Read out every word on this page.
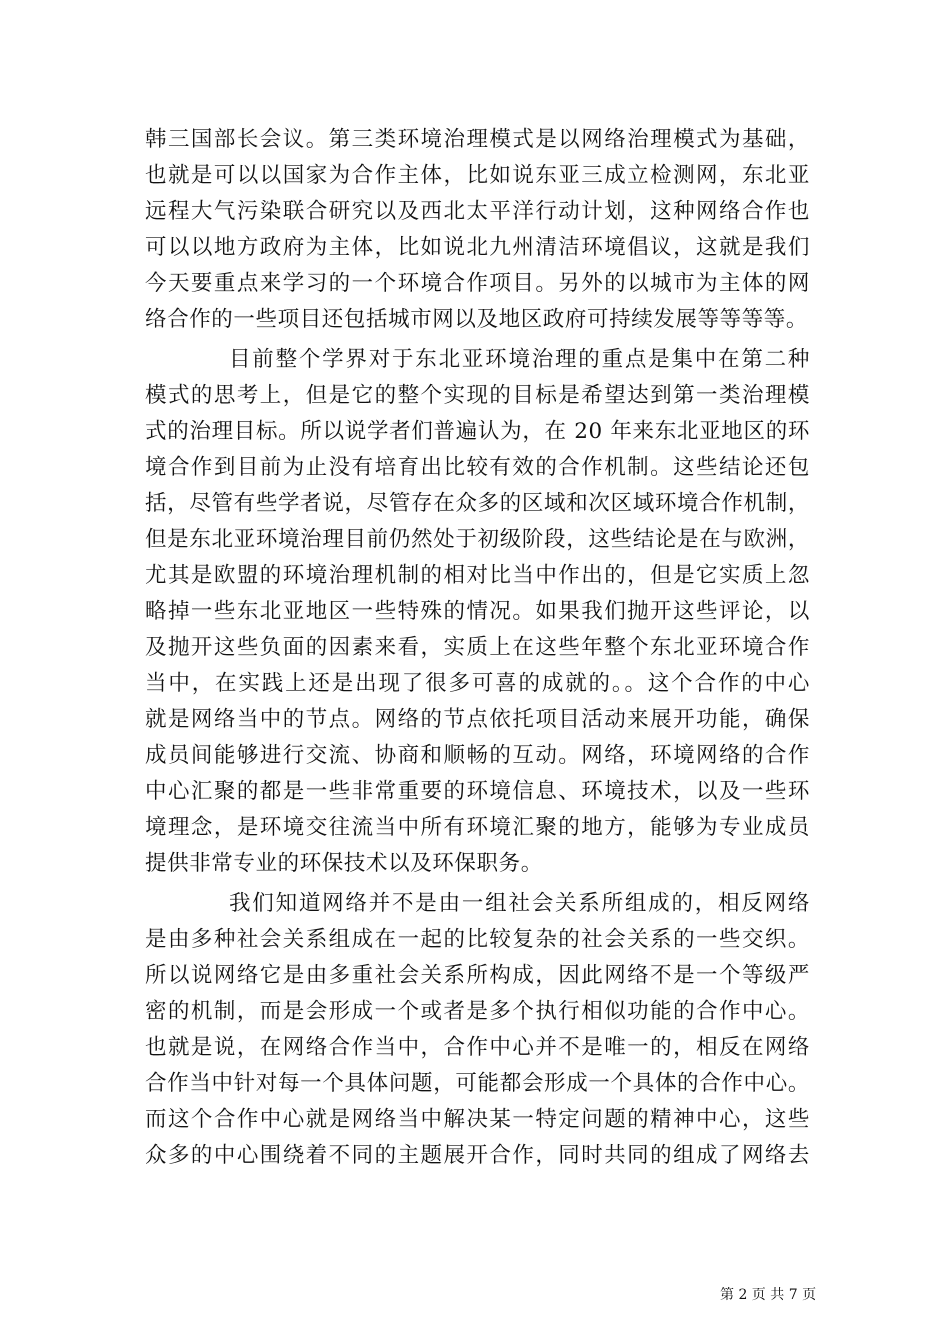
韩三国部长会议。第三类环境治理模式是以网络治理模式为基础，
也就是可以以国家为合作主体，比如说东亚三成立检测网，东北亚
远程大气污染联合研究以及西北太平洋行动计划，这种网络合作也
可以以地方政府为主体，比如说北九州清洁环境倡议，这就是我们
今天要重点来学习的一个环境合作项目。另外的以城市为主体的网
络合作的一些项目还包括城市网以及地区政府可持续发展等等等等。
目前整个学界对于东北亚环境治理的重点是集中在第二种
模式的思考上，但是它的整个实现的目标是希望达到第一类治理模
式的治理目标。所以说学者们普遍认为，在 20 年来东北亚地区的环
境合作到目前为止没有培育出比较有效的合作机制。这些结论还包
括，尽管有些学者说，尽管存在众多的区域和次区域环境合作机制，
但是东北亚环境治理目前仍然处于初级阶段，这些结论是在与欧洲，
尤其是欧盟的环境治理机制的相对比当中作出的，但是它实质上忽
略掉一些东北亚地区一些特殊的情况。如果我们抛开这些评论，以
及抛开这些负面的因素来看，实质上在这些年整个东北亚环境合作
当中，在实践上还是出现了很多可喜的成就的。。这个合作的中心
就是网络当中的节点。网络的节点依托项目活动来展开功能，确保
成员间能够进行交流、协商和顺畅的互动。网络，环境网络的合作
中心汇聚的都是一些非常重要的环境信息、环境技术，以及一些环
境理念，是环境交往流当中所有环境汇聚的地方，能够为专业成员
提供非常专业的环保技术以及环保职务。
我们知道网络并不是由一组社会关系所组成的，相反网络
是由多种社会关系组成在一起的比较复杂的社会关系的一些交织。
所以说网络它是由多重社会关系所构成，因此网络不是一个等级严
密的机制，而是会形成一个或者是多个执行相似功能的合作中心。
也就是说，在网络合作当中，合作中心并不是唯一的，相反在网络
合作当中针对每一个具体问题，可能都会形成一个具体的合作中心。
而这个合作中心就是网络当中解决某一特定问题的精神中心，这些
众多的中心围绕着不同的主题展开合作，同时共同的组成了网络去
第 2 页 共 7 页
